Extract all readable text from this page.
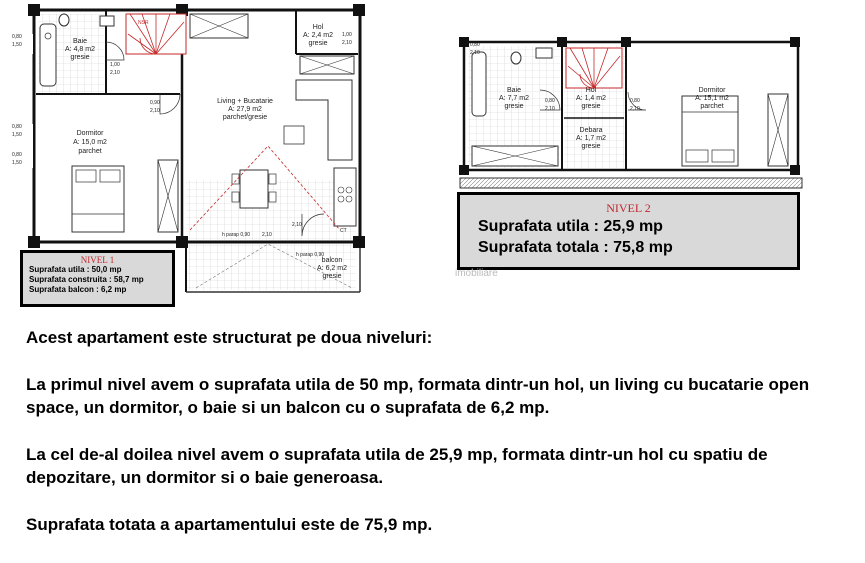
0,80
1,50
0,80
1,50
0,80
1,50
1,00
2,10
1,00
2,10
0,90
2,10
h parap 0,90
h parap 0,90
2,10
2,10
CT
NSR
Baie
A: 4,8 m2
gresie
Hol
A: 2,4 m2
gresie
Living + Bucatarie
A: 27,9 m2
parchet/gresie
Dormitor
A: 15,0 m2
parchet
balcon
A: 6,2 m2
gresie
0,80
2,10
0,80
2,10
0,80
2,10
Baie
A: 7,7 m2
gresie
Hol
A: 1,4 m2
gresie
Debara
A: 1,7 m2
gresie
Dormitor
A: 15,1 m2
parchet
NIVEL 1
Suprafata utila : 50,0 mp
Suprafata construita : 58,7 mp
Suprafata balcon : 6,2 mp
NIVEL 2
Suprafata utila : 25,9 mp
Suprafata totala : 75,8 mp
imobiliare

Acest apartament este structurat pe doua niveluri:

La primul nivel avem o suprafata utila de 50 mp, formata dintr-un hol, un living cu bucatarie open space, un dormitor, o baie si un balcon cu o suprafata de 6,2 mp.

La cel de-al doilea nivel avem o suprafata utila de 25,9 mp, formata dintr-un hol cu spatiu de depozitare, un dormitor si o baie generoasa.

Suprafata totata a apartamentului este de 75,9 mp.
